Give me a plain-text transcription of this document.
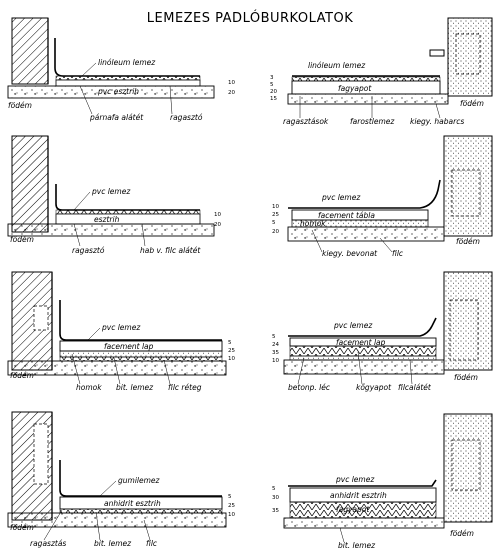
LEMEZES PADLÓBURKOLATOK
linóleum lemez
pvc esztrih
födém
párnafa alátét	ragasztó
10
20
linóleum lemez
fagyapot
födém
ragasztások	farostlemez kiegy. habarcs
3
5
20
15
pvc lemez
esztrih
födém
ragasztó	hab v. filc alátét
10
20
pvc lemez
facement tábla
homok
födém
kiegy. bevonat filc
10
25
5
20
pvc lemez
facement lap
födém
homok bit. lemez filc réteg
5
25
10
pvc lemez
facement lap
födém
betonp. léc	kőgyapot filcalátét
5
24
35
10
gumilemez
anhidrit esztrih
födém
ragasztás	bit. lemez filc
5
25
10
pvc lemez
anhidrit esztrih
fagyapot
födém
bit. lemez
5
30
35
